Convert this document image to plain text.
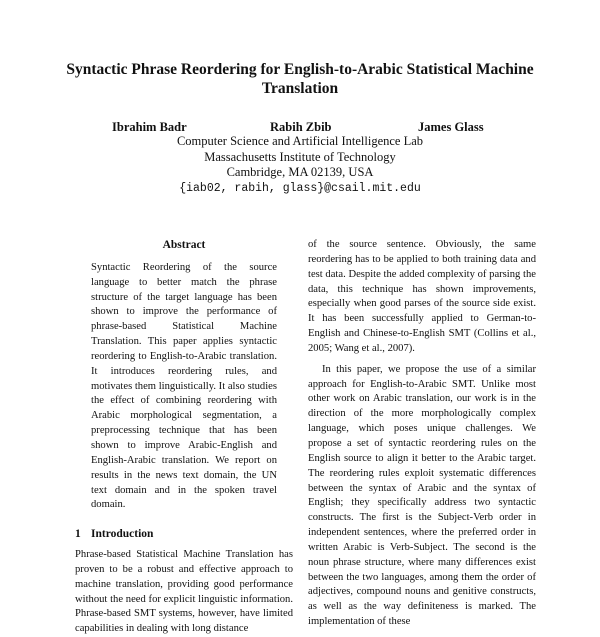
Syntactic Phrase Reordering for English-to-Arabic Statistical Machine Translation
Ibrahim Badr	Rabih Zbib	James Glass
Computer Science and Artificial Intelligence Lab
Massachusetts Institute of Technology
Cambridge, MA 02139, USA
{iab02, rabih, glass}@csail.mit.edu
Abstract

Syntactic Reordering of the source language to better match the phrase structure of the target language has been shown to improve the performance of phrase-based Statistical Machine Translation. This paper applies syntactic reordering to English-to-Arabic translation. It introduces reordering rules, and motivates them linguistically. It also studies the effect of combining reordering with Arabic morphological segmentation, a preprocessing technique that has been shown to improve Arabic-English and English-Arabic translation. We report on results in the news text domain, the UN text domain and in the spoken travel domain.

1 Introduction

Phrase-based Statistical Machine Translation has proven to be a robust and effective approach to machine translation, providing good performance without the need for explicit linguistic information. Phrase-based SMT systems, however, have limited capabilities in dealing with long distance

of the source sentence. Obviously, the same reordering has to be applied to both training data and test data. Despite the added complexity of parsing the data, this technique has shown improvements, especially when good parses of the source side exist. It has been successfully applied to German-to-English and Chinese-to-English SMT (Collins et al., 2005; Wang et al., 2007).

In this paper, we propose the use of a similar approach for English-to-Arabic SMT. Unlike most other work on Arabic translation, our work is in the direction of the more morphologically complex language, which poses unique challenges. We propose a set of syntactic reordering rules on the English source to align it better to the Arabic target. The reordering rules exploit systematic differences between the syntax of Arabic and the syntax of English; they specifically address two syntactic constructs. The first is the Subject-Verb order in independent sentences, where the preferred order in written Arabic is Verb-Subject. The second is the noun phrase structure, where many differences exist between the two languages, among them the order of adjectives, compound nouns and genitive constructs, as well as the way definiteness is marked. The implementation of these
